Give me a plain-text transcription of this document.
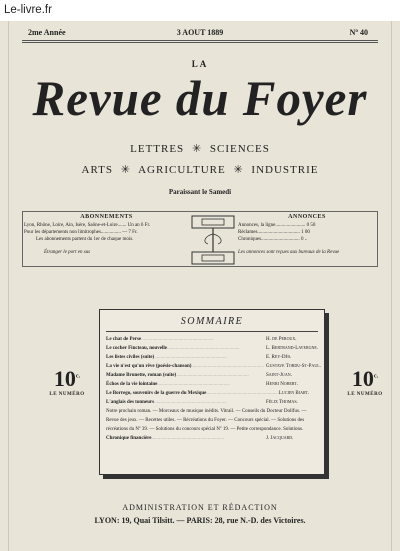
Le-livre.fr
2me Année	3 AOUT 1889	Nº 40
LA
Revue du Foyer
LETTRES ✳ SCIENCES
ARTS ✳ AGRICULTURE ✳ INDUSTRIE
Paraissant le Samedi
ABONNEMENTS
Lyon, Rhône, Loire, Ain, Isère, Saône-et-Loire....... Un an 6 Fr.
Pour les départements non limitrophes................ — 7 Fr.
Les abonnements partent du 1er de chaque mois.
Étranger le port en sus
ANNONCES
Annonces, la ligne........................ 0 50
Réclames.................................. 1 00
Chroniques............................... 0 ..
Les annonces sont reçues aux bureaux de la Revue
$10^{c.}$
LE NUMÉRO
$10^{c.}$
LE NUMÉRO
SOMMAIRE
Le chat de Perse ..........................................................	H. de Peroux.
Le cocher Fincteau, nouvelle ..........................................................	L. Bertrand-Lavergne.
Les listes civiles (suite) ..........................................................	E. Rey-Dès.
La vie n'est qu'un rêve (poésie-chanson) .......................................................... Gustave Tordu-St-Paul.
Madame Brunette, roman (suite) ..........................................................	Saint-Juan.
Échos de la vie lointaine ..........................................................	Henri Nobert.
Le Borrego, souvenirs de la guerre du Mexique .......................................................... Lucien Biart.
L'anglais des tonneurs ..........................................................	Félix Thomas.
Notre prochain roman. — Morceaux de musique inédits. Vitrail. — Conseils du Docteur Dollfus. — Revue des jeux. — Recettes utiles. — Récréations du Foyer. — Concours spécial. — Solutions des récréations du Nº 39. — Solutions du concours spécial Nº 19. — Petite correspondance. Solutions.
Chronique financière ..........................................................	J. Jacquard.
ADMINISTRATION ET RÉDACTION
LYON: 19, Quai Tilsitt. — PARIS: 28, rue N.-D. des Victoires.
